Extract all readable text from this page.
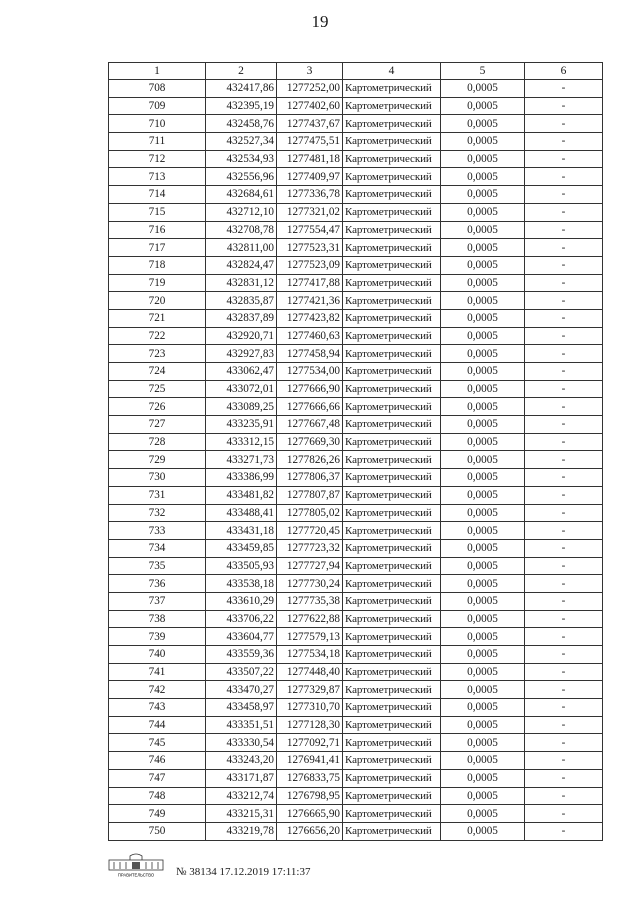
19
1	2	3	4	5	6
708	432417,86	1277252,00	Картометрический	0,0005	-
709	432395,19	1277402,60	Картометрический	0,0005	-
710	432458,76	1277437,67	Картометрический	0,0005	-
711	432527,34	1277475,51	Картометрический	0,0005	-
712	432534,93	1277481,18	Картометрический	0,0005	-
713	432556,96	1277409,97	Картометрический	0,0005	-
714	432684,61	1277336,78	Картометрический	0,0005	-
715	432712,10	1277321,02	Картометрический	0,0005	-
716	432708,78	1277554,47	Картометрический	0,0005	-
717	432811,00	1277523,31	Картометрический	0,0005	-
718	432824,47	1277523,09	Картометрический	0,0005	-
719	432831,12	1277417,88	Картометрический	0,0005	-
720	432835,87	1277421,36	Картометрический	0,0005	-
721	432837,89	1277423,82	Картометрический	0,0005	-
722	432920,71	1277460,63	Картометрический	0,0005	-
723	432927,83	1277458,94	Картометрический	0,0005	-
724	433062,47	1277534,00	Картометрический	0,0005	-
725	433072,01	1277666,90	Картометрический	0,0005	-
726	433089,25	1277666,66	Картометрический	0,0005	-
727	433235,91	1277667,48	Картометрический	0,0005	-
728	433312,15	1277669,30	Картометрический	0,0005	-
729	433271,73	1277826,26	Картометрический	0,0005	-
730	433386,99	1277806,37	Картометрический	0,0005	-
731	433481,82	1277807,87	Картометрический	0,0005	-
732	433488,41	1277805,02	Картометрический	0,0005	-
733	433431,18	1277720,45	Картометрический	0,0005	-
734	433459,85	1277723,32	Картометрический	0,0005	-
735	433505,93	1277727,94	Картометрический	0,0005	-
736	433538,18	1277730,24	Картометрический	0,0005	-
737	433610,29	1277735,38	Картометрический	0,0005	-
738	433706,22	1277622,88	Картометрический	0,0005	-
739	433604,77	1277579,13	Картометрический	0,0005	-
740	433559,36	1277534,18	Картометрический	0,0005	-
741	433507,22	1277448,40	Картометрический	0,0005	-
742	433470,27	1277329,87	Картометрический	0,0005	-
743	433458,97	1277310,70	Картометрический	0,0005	-
744	433351,51	1277128,30	Картометрический	0,0005	-
745	433330,54	1277092,71	Картометрический	0,0005	-
746	433243,20	1276941,41	Картометрический	0,0005	-
747	433171,87	1276833,75	Картометрический	0,0005	-
748	433212,74	1276798,95	Картометрический	0,0005	-
749	433215,31	1276665,90	Картометрический	0,0005	-
750	433219,78	1276656,20	Картометрический	0,0005	-
ПРАВИТЕЛЬСТВО № 38134 17.12.2019 17:11:37
